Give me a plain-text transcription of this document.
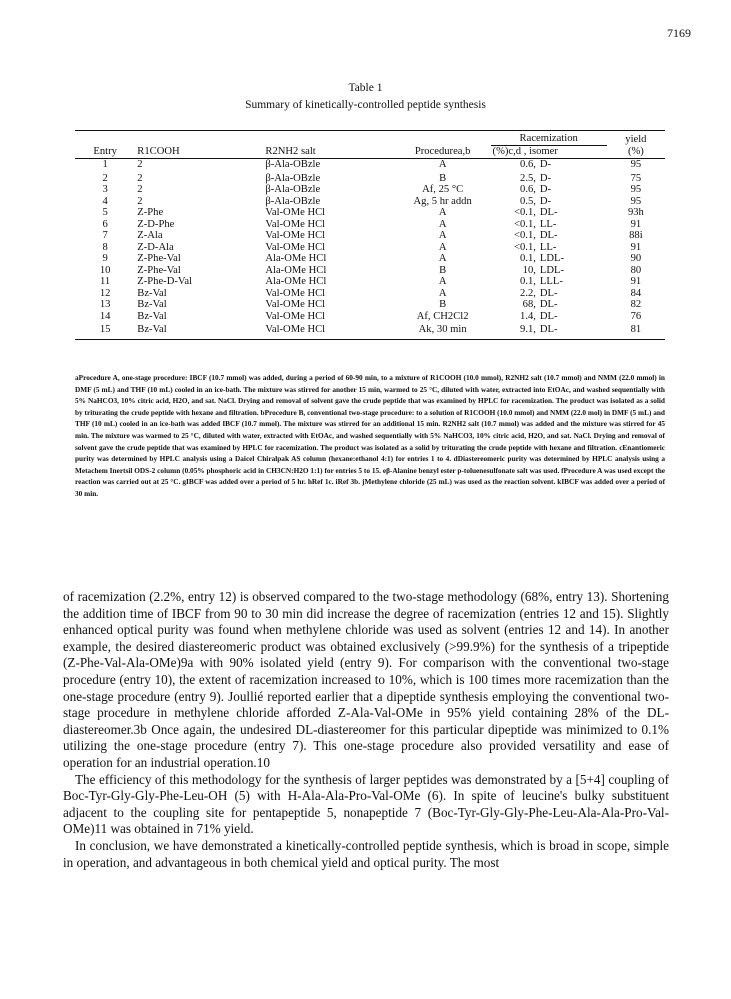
7169
Table 1
Summary of kinetically-controlled peptide synthesis
				Racemization		yield
Entry	R1COOH	R2NH2 salt	Procedurea,b	(%)c,d , isomer		(%)
1	2	β-Ala-OBzle	A	0.6,	D-	95
2	2	β-Ala-OBzle	B	2.5,	D-	75
3	2	β-Ala-OBzle	Af, 25 °C	0.6,	D-	95
4	2	β-Ala-OBzle	Ag, 5 hr addn	0.5,	D-	95
5	Z-Phe	Val-OMe HCl	A	<0.1,	DL-	93h
6	Z-D-Phe	Val-OMe HCl	A	<0.1,	LL-	91
7	Z-Ala	Val-OMe HCl	A	<0.1,	DL-	88i
8	Z-D-Ala	Val-OMe HCl	A	<0.1,	LL-	91
9	Z-Phe-Val	Ala-OMe HCl	A	0.1,	LDL-	90
10	Z-Phe-Val	Ala-OMe HCl	B	10,	LDL-	80
11	Z-Phe-D-Val	Ala-OMe HCl	A	0.1,	LLL-	91
12	Bz-Val	Val-OMe HCl	A	2.2,	DL-	84
13	Bz-Val	Val-OMe HCl	B	68,	DL-	82
14	Bz-Val	Val-OMe HCl	Af, CH2Cl2	1.4,	DL-	76
15	Bz-Val	Val-OMe HCl	Ak, 30 min	9.1,	DL-	81

aProcedure A, one-stage procedure: IBCF (10.7 mmol) was added, during a period of 60-90 min, to a mixture of R1COOH (10.0 mmol), R2NH2 salt (10.7 mmol) and NMM (22.0 mmol) in DMF (5 mL) and THF (10 mL) cooled in an ice-bath. The mixture was stirred for another 15 min, warmed to 25 °C, diluted with water, extracted into EtOAc, and washed sequentially with 5% NaHCO3, 10% citric acid, H2O, and sat. NaCl. Drying and removal of solvent gave the crude peptide that was examined by HPLC for racemization. The product was isolated as a solid by triturating the crude peptide with hexane and filtration. bProcedure B, conventional two-stage procedure: to a solution of R1COOH (10.0 mmol) and NMM (22.0 mol) in DMF (5 mL) and THF (10 mL) cooled in an ice-bath was added IBCF (10.7 mmol). The mixture was stirred for an additional 15 min. R2NH2 salt (10.7 mmol) was added and the mixture was stirred for 45 min. The mixture was warmed to 25 °C, diluted with water, extracted with EtOAc, and washed sequentially with 5% NaHCO3, 10% citric acid, H2O, and sat. NaCl. Drying and removal of solvent gave the crude peptide that was examined by HPLC for racemization. The product was isolated as a solid by triturating the crude peptide with hexane and filtration. cEnantiomeric purity was determined by HPLC analysis using a Daicel Chiralpak AS column (hexane:ethanol 4:1) for entries 1 to 4. dDiastereomeric purity was determined by HPLC analysis using a Metachem Inertsil ODS-2 column (0.05% phosphoric acid in CH3CN:H2O 1:1) for entries 5 to 15. eβ-Alanine benzyl ester p-toluenesulfonate salt was used. fProcedure A was used except the reaction was carried out at 25 °C. gIBCF was added over a period of 5 hr. hRef 1c. iRef 3b. jMethylene chloride (25 mL) was used as the reaction solvent. kIBCF was added over a period of 30 min.

of racemization (2.2%, entry 12) is observed compared to the two-stage methodology (68%, entry 13). Shortening the addition time of IBCF from 90 to 30 min did increase the degree of racemization (entries 12 and 15). Slightly enhanced optical purity was found when methylene chloride was used as solvent (entries 12 and 14). In another example, the desired diastereomeric product was obtained exclusively (>99.9%) for the synthesis of a tripeptide (Z-Phe-Val-Ala-OMe)9a with 90% isolated yield (entry 9). For comparison with the conventional two-stage procedure (entry 10), the extent of racemization increased to 10%, which is 100 times more racemization than the one-stage procedure (entry 9). Joullié reported earlier that a dipeptide synthesis employing the conventional two-stage procedure in methylene chloride afforded Z-Ala-Val-OMe in 95% yield containing 28% of the DL-diastereomer.3b Once again, the undesired DL-diastereomer for this particular dipeptide was minimized to 0.1% utilizing the one-stage procedure (entry 7). This one-stage procedure also provided versatility and ease of operation for an industrial operation.10

The efficiency of this methodology for the synthesis of larger peptides was demonstrated by a [5+4] coupling of Boc-Tyr-Gly-Gly-Phe-Leu-OH (5) with H-Ala-Ala-Pro-Val-OMe (6). In spite of leucine's bulky substituent adjacent to the coupling site for pentapeptide 5, nonapeptide 7 (Boc-Tyr-Gly-Gly-Phe-Leu-Ala-Ala-Pro-Val-OMe)11 was obtained in 71% yield.

In conclusion, we have demonstrated a kinetically-controlled peptide synthesis, which is broad in scope, simple in operation, and advantageous in both chemical yield and optical purity. The most
